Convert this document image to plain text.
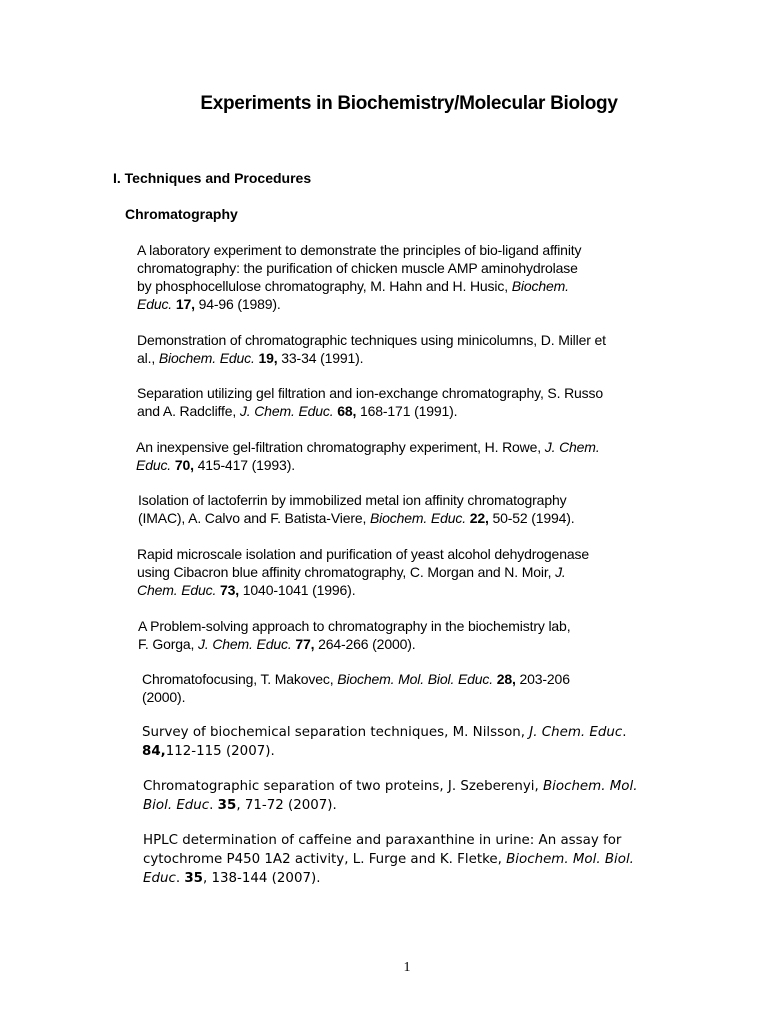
Experiments in Biochemistry/Molecular Biology
I. Techniques and Procedures
Chromatography
A laboratory experiment to demonstrate the principles of bio-ligand affinity
chromatography: the purification of chicken muscle AMP aminohydrolase
by phosphocellulose chromatography, M. Hahn and H. Husic, Biochem.
Educ. 17, 94-96 (1989).
Demonstration of chromatographic techniques using minicolumns, D. Miller et
al., Biochem. Educ. 19, 33-34 (1991).
Separation utilizing gel filtration and ion-exchange chromatography, S. Russo
and A. Radcliffe, J. Chem. Educ. 68, 168-171 (1991).
An inexpensive gel-filtration chromatography experiment, H. Rowe, J. Chem.
Educ. 70, 415-417 (1993).
Isolation of lactoferrin by immobilized metal ion affinity chromatography
(IMAC), A. Calvo and F. Batista-Viere, Biochem. Educ. 22, 50-52 (1994).
Rapid microscale isolation and purification of yeast alcohol dehydrogenase
using Cibacron blue affinity chromatography, C. Morgan and N. Moir, J.
Chem. Educ. 73, 1040-1041 (1996).
A Problem-solving approach to chromatography in the biochemistry lab,
F. Gorga, J. Chem. Educ. 77, 264-266 (2000).
Chromatofocusing, T. Makovec, Biochem. Mol. Biol. Educ. 28, 203-206
(2000).
Survey of biochemical separation techniques, M. Nilsson, J. Chem. Educ.
84,112-115 (2007).
Chromatographic separation of two proteins, J. Szeberenyi, Biochem. Mol.
Biol. Educ. 35, 71-72 (2007).
HPLC determination of caffeine and paraxanthine in urine: An assay for
cytochrome P450 1A2 activity, L. Furge and K. Fletke, Biochem. Mol. Biol.
Educ. 35, 138-144 (2007).
1
